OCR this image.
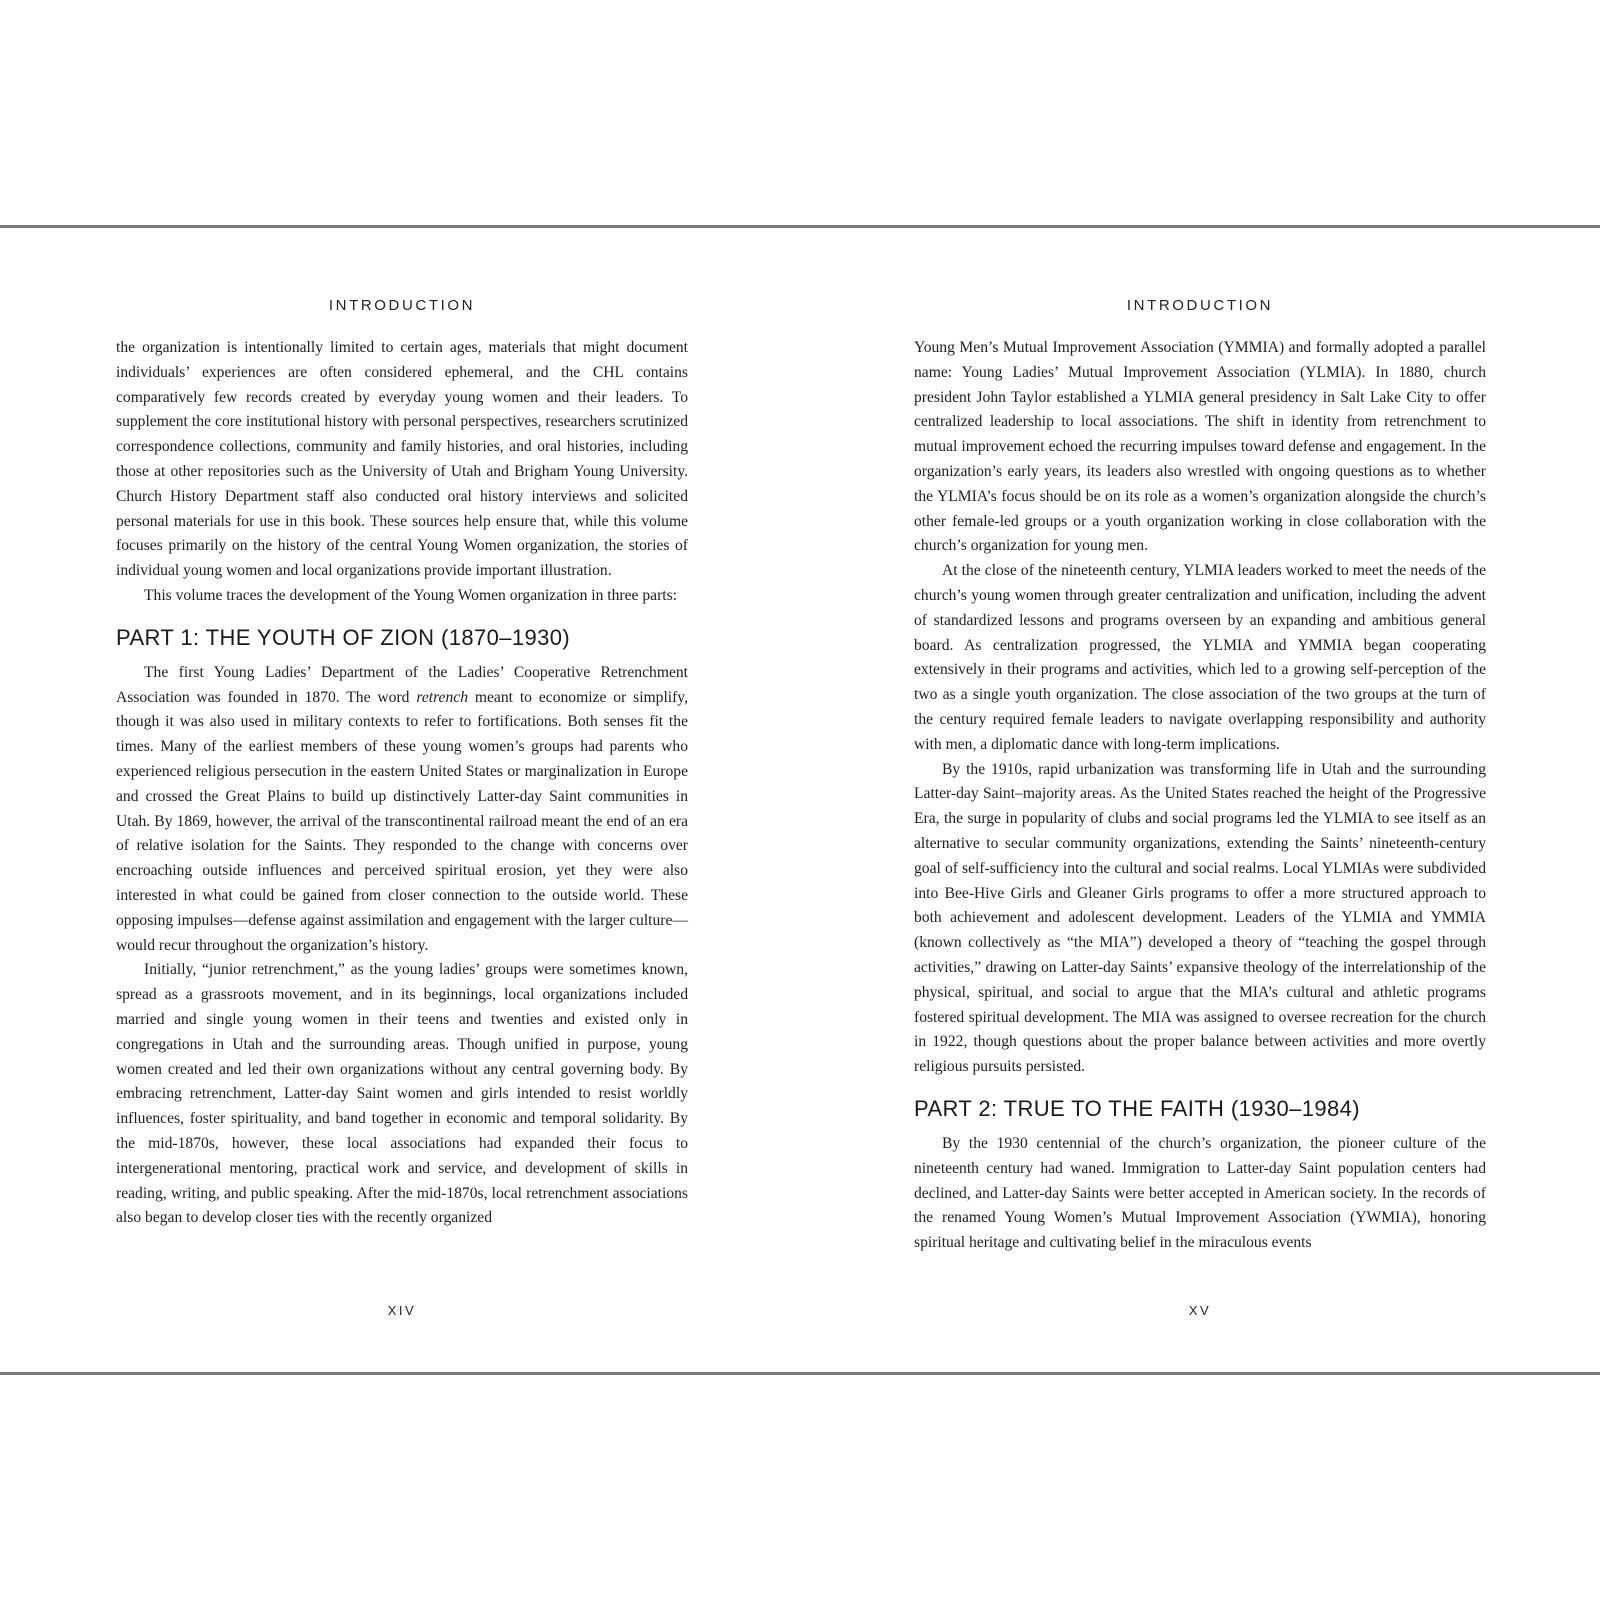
INTRODUCTION

the organization is intentionally limited to certain ages, materials that might document individuals’ experiences are often considered ephemeral, and the CHL contains comparatively few records created by everyday young women and their leaders. To supplement the core institutional history with personal perspectives, researchers scrutinized correspondence collections, community and family histories, and oral histories, including those at other repositories such as the University of Utah and Brigham Young University. Church History Department staff also conducted oral history interviews and solicited personal materials for use in this book. These sources help ensure that, while this volume focuses primarily on the history of the central Young Women organization, the stories of individual young women and local organizations provide important illustration.

This volume traces the development of the Young Women organization in three parts:

PART 1: THE YOUTH OF ZION (1870–1930)

The first Young Ladies’ Department of the Ladies’ Cooperative Retrenchment Association was founded in 1870. The word retrench meant to economize or simplify, though it was also used in military contexts to refer to fortifications. Both senses fit the times. Many of the earliest members of these young women’s groups had parents who experienced religious persecution in the eastern United States or marginalization in Europe and crossed the Great Plains to build up distinctively Latter-day Saint communities in Utah. By 1869, however, the arrival of the transcontinental railroad meant the end of an era of relative isolation for the Saints. They responded to the change with concerns over encroaching outside influences and perceived spiritual erosion, yet they were also interested in what could be gained from closer connection to the outside world. These opposing impulses—defense against assimilation and engagement with the larger culture—would recur throughout the organization’s history.

Initially, “junior retrenchment,” as the young ladies’ groups were sometimes known, spread as a grassroots movement, and in its beginnings, local organizations included married and single young women in their teens and twenties and existed only in congregations in Utah and the surrounding areas. Though unified in purpose, young women created and led their own organizations without any central governing body. By embracing retrenchment, Latter-day Saint women and girls intended to resist worldly influences, foster spirituality, and band together in economic and temporal solidarity. By the mid-1870s, however, these local associations had expanded their focus to intergenerational mentoring, practical work and service, and development of skills in reading, writing, and public speaking. After the mid-1870s, local retrenchment associations also began to develop closer ties with the recently organized

XIV
INTRODUCTION

Young Men’s Mutual Improvement Association (YMMIA) and formally adopted a parallel name: Young Ladies’ Mutual Improvement Association (YLMIA). In 1880, church president John Taylor established a YLMIA general presidency in Salt Lake City to offer centralized leadership to local associations. The shift in identity from retrenchment to mutual improvement echoed the recurring impulses toward defense and engagement. In the organization’s early years, its leaders also wrestled with ongoing questions as to whether the YLMIA’s focus should be on its role as a women’s organization alongside the church’s other female-led groups or a youth organization working in close collaboration with the church’s organization for young men.

At the close of the nineteenth century, YLMIA leaders worked to meet the needs of the church’s young women through greater centralization and unification, including the advent of standardized lessons and programs overseen by an expanding and ambitious general board. As centralization progressed, the YLMIA and YMMIA began cooperating extensively in their programs and activities, which led to a growing self-perception of the two as a single youth organization. The close association of the two groups at the turn of the century required female leaders to navigate overlapping responsibility and authority with men, a diplomatic dance with long-term implications.

By the 1910s, rapid urbanization was transforming life in Utah and the surrounding Latter-day Saint–majority areas. As the United States reached the height of the Progressive Era, the surge in popularity of clubs and social programs led the YLMIA to see itself as an alternative to secular community organizations, extending the Saints’ nineteenth-century goal of self-sufficiency into the cultural and social realms. Local YLMIAs were subdivided into Bee-Hive Girls and Gleaner Girls programs to offer a more structured approach to both achievement and adolescent development. Leaders of the YLMIA and YMMIA (known collectively as “the MIA”) developed a theory of “teaching the gospel through activities,” drawing on Latter-day Saints’ expansive theology of the interrelationship of the physical, spiritual, and social to argue that the MIA’s cultural and athletic programs fostered spiritual development. The MIA was assigned to oversee recreation for the church in 1922, though questions about the proper balance between activities and more overtly religious pursuits persisted.

PART 2: TRUE TO THE FAITH (1930–1984)

By the 1930 centennial of the church’s organization, the pioneer culture of the nineteenth century had waned. Immigration to Latter-day Saint population centers had declined, and Latter-day Saints were better accepted in American society. In the records of the renamed Young Women’s Mutual Improvement Association (YWMIA), honoring spiritual heritage and cultivating belief in the miraculous events

XV
